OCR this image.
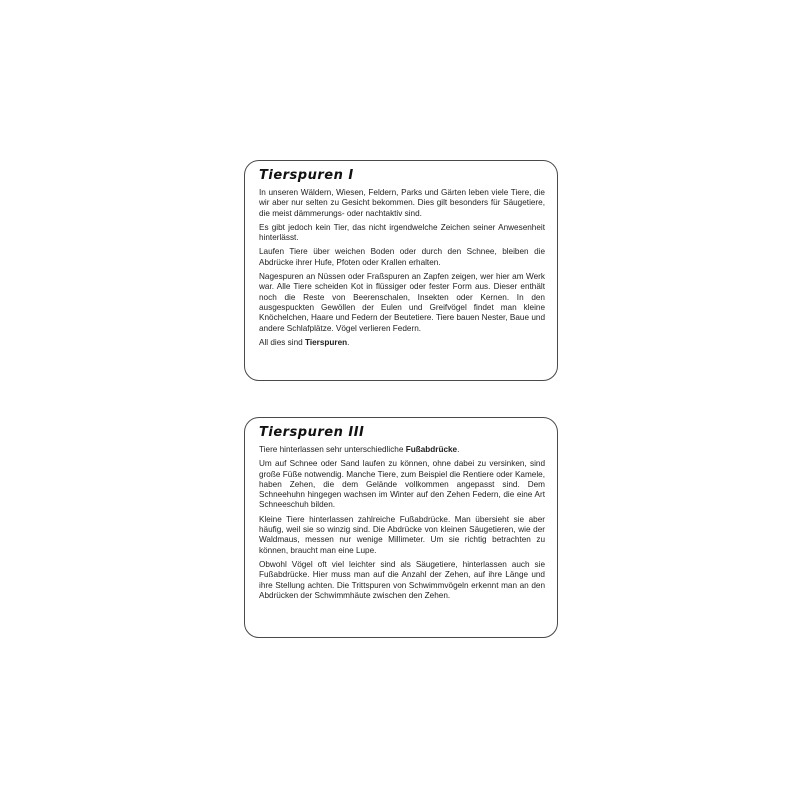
Tierspuren I

In unseren Wäldern, Wiesen, Feldern, Parks und Gärten leben viele Tiere, die wir aber nur selten zu Gesicht bekommen. Dies gilt besonders für Säugetiere, die meist dämmerungs- oder nachtaktiv sind.

Es gibt jedoch kein Tier, das nicht irgendwelche Zeichen seiner Anwesenheit hinterlässt.

Laufen Tiere über weichen Boden oder durch den Schnee, bleiben die Abdrücke ihrer Hufe, Pfoten oder Krallen erhalten.

Nagespuren an Nüssen oder Fraßspuren an Zapfen zeigen, wer hier am Werk war. Alle Tiere scheiden Kot in flüssiger oder fester Form aus. Dieser enthält noch die Reste von Beerenschalen, Insekten oder Kernen. In den ausgespuckten Gewöllen der Eulen und Greifvögel findet man kleine Knöchelchen, Haare und Federn der Beutetiere. Tiere bauen Nester, Baue und andere Schlafplätze. Vögel verlieren Federn.

All dies sind Tierspuren.

Tierspuren III

Tiere hinterlassen sehr unterschiedliche Fußabdrücke.

Um auf Schnee oder Sand laufen zu können, ohne dabei zu versinken, sind große Füße notwendig. Manche Tiere, zum Beispiel die Rentiere oder Kamele, haben Zehen, die dem Gelände vollkommen angepasst sind. Dem Schneehuhn hingegen wachsen im Winter auf den Zehen Federn, die eine Art Schneeschuh bilden.

Kleine Tiere hinterlassen zahlreiche Fußabdrücke. Man übersieht sie aber häufig, weil sie so winzig sind. Die Abdrücke von kleinen Säugetieren, wie der Waldmaus, messen nur wenige Millimeter. Um sie richtig betrachten zu können, braucht man eine Lupe.

Obwohl Vögel oft viel leichter sind als Säugetiere, hinterlassen auch sie Fußabdrücke. Hier muss man auf die Anzahl der Zehen, auf ihre Länge und ihre Stellung achten. Die Trittspuren von Schwimmvögeln erkennt man an den Abdrücken der Schwimmhäute zwischen den Zehen.
